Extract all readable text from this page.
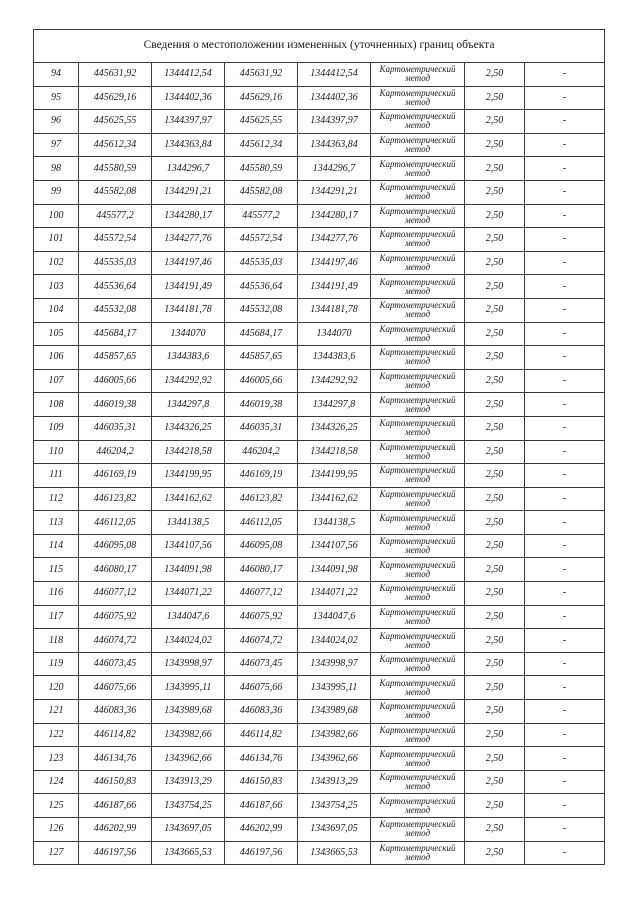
Сведения о местоположении измененных (уточненных) границ объекта							
94	445631,92	1344412,54	445631,92	1344412,54	Картометрический
метод	2,50	-
95	445629,16	1344402,36	445629,16	1344402,36	Картометрический
метод	2,50	-
96	445625,55	1344397,97	445625,55	1344397,97	Картометрический
метод	2,50	-
97	445612,34	1344363,84	445612,34	1344363,84	Картометрический
метод	2,50	-
98	445580,59	1344296,7	445580,59	1344296,7	Картометрический
метод	2,50	-
99	445582,08	1344291,21	445582,08	1344291,21	Картометрический
метод	2,50	-
100	445577,2	1344280,17	445577,2	1344280,17	Картометрический
метод	2,50	-
101	445572,54	1344277,76	445572,54	1344277,76	Картометрический
метод	2,50	-
102	445535,03	1344197,46	445535,03	1344197,46	Картометрический
метод	2,50	-
103	445536,64	1344191,49	445536,64	1344191,49	Картометрический
метод	2,50	-
104	445532,08	1344181,78	445532,08	1344181,78	Картометрический
метод	2,50	-
105	445684,17	1344070	445684,17	1344070	Картометрический
метод	2,50	-
106	445857,65	1344383,6	445857,65	1344383,6	Картометрический
метод	2,50	-
107	446005,66	1344292,92	446005,66	1344292,92	Картометрический
метод	2,50	-
108	446019,38	1344297,8	446019,38	1344297,8	Картометрический
метод	2,50	-
109	446035,31	1344326,25	446035,31	1344326,25	Картометрический
метод	2,50	-
110	446204,2	1344218,58	446204,2	1344218,58	Картометрический
метод	2,50	-
111	446169,19	1344199,95	446169,19	1344199,95	Картометрический
метод	2,50	-
112	446123,82	1344162,62	446123,82	1344162,62	Картометрический
метод	2,50	-
113	446112,05	1344138,5	446112,05	1344138,5	Картометрический
метод	2,50	-
114	446095,08	1344107,56	446095,08	1344107,56	Картометрический
метод	2,50	-
115	446080,17	1344091,98	446080,17	1344091,98	Картометрический
метод	2,50	-
116	446077,12	1344071,22	446077,12	1344071,22	Картометрический
метод	2,50	-
117	446075,92	1344047,6	446075,92	1344047,6	Картометрический
метод	2,50	-
118	446074,72	1344024,02	446074,72	1344024,02	Картометрический
метод	2,50	-
119	446073,45	1343998,97	446073,45	1343998,97	Картометрический
метод	2,50	-
120	446075,66	1343995,11	446075,66	1343995,11	Картометрический
метод	2,50	-
121	446083,36	1343989,68	446083,36	1343989,68	Картометрический
метод	2,50	-
122	446114,82	1343982,66	446114,82	1343982,66	Картометрический
метод	2,50	-
123	446134,76	1343962,66	446134,76	1343962,66	Картометрический
метод	2,50	-
124	446150,83	1343913,29	446150,83	1343913,29	Картометрический
метод	2,50	-
125	446187,66	1343754,25	446187,66	1343754,25	Картометрический
метод	2,50	-
126	446202,99	1343697,05	446202,99	1343697,05	Картометрический
метод	2,50	-
127	446197,56	1343665,53	446197,56	1343665,53	Картометрический
метод	2,50	-
